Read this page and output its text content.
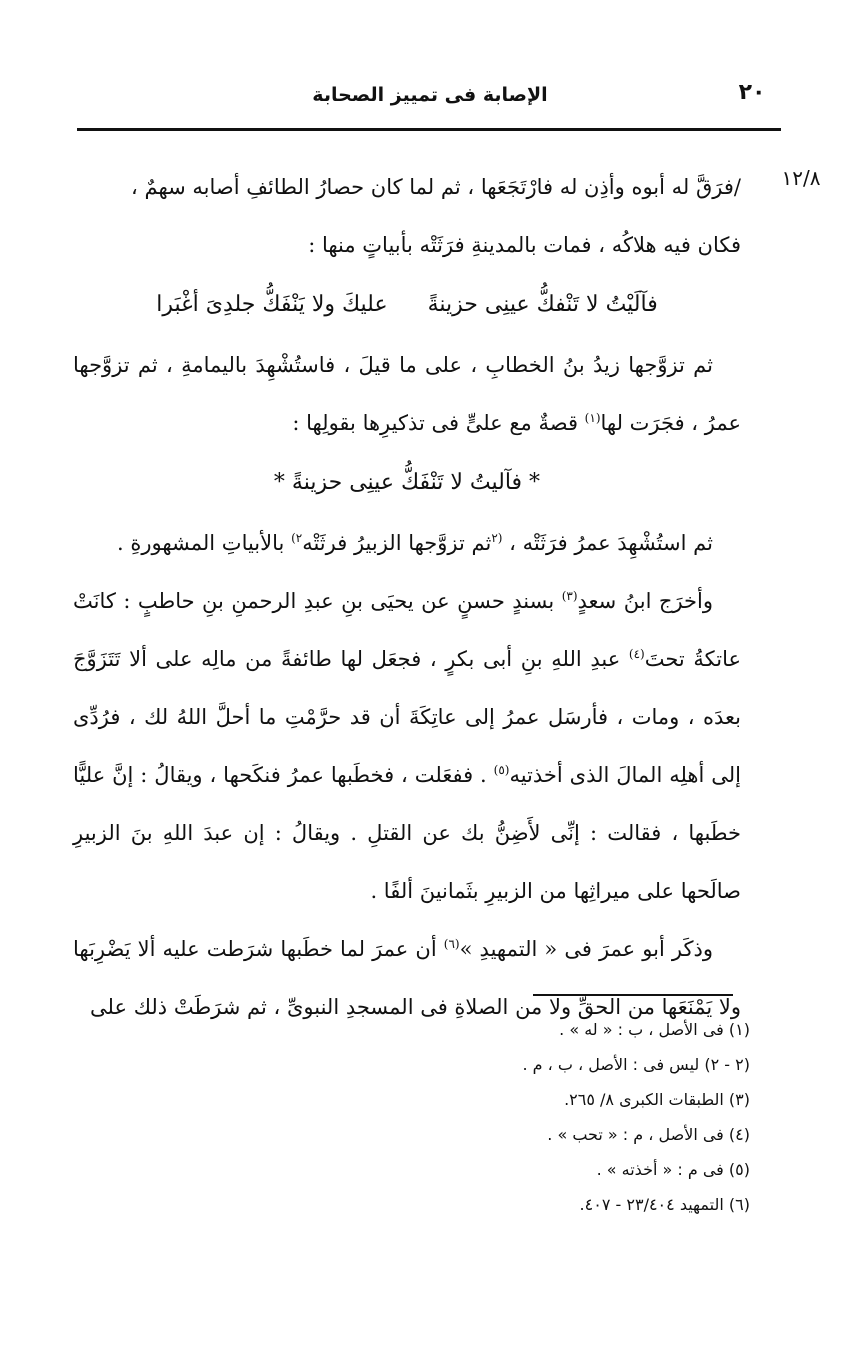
٢٠
الإصابة فى تمييز الصحابة
١٢/٨

/فرَقَّ له أبوه وأذِن له فارْتَجَعَها ، ثم لما كان حصارُ الطائفِ أصابه سهمٌ ،
فكان فيه هلاكُه ، فمات بالمدينةِ فرَثَتْه بأبياتٍ منها :

فآلَيْتُ لا تَنْفكُّ عينِى حزينةًعليكَ ولا يَنْفَكُّ جلدِىَ أغْبَرا

ثم تزوَّجها زيدُ بنُ الخطابِ ، على ما قيلَ ، فاستُشْهِدَ باليمامةِ ، ثم تزوَّجها عمرُ ، فجَرَت لها$^{(١)}$ قصةٌ مع علىٍّ فى تذكيرِها بقولِها :

* فآليتُ لا تَنْفَكُّ عينِى حزينةً *

ثم استُشْهِدَ عمرُ فرَثَتْه ، $^{(٢}$ثم تزوَّجها الزبيرُ فرثَتْه$^{٢)}$ بالأبياتِ المشهورةِ .

وأخرَج ابنُ سعدٍ$^{(٣)}$ بسندٍ حسنٍ عن يحيَى بنِ عبدِ الرحمنِ بنِ حاطبٍ : كانَتْ عاتكةُ تحتَ$^{(٤)}$ عبدِ اللهِ بنِ أبى بكرٍ ، فجعَل لها طائفةً من مالِه على ألا تَتَزَوَّجَ بعدَه ، ومات ، فأرسَل عمرُ إلى عاتِكَةَ أن قد حرَّمْتِ ما أحلَّ اللهُ لك ، فرُدِّى إلى أهلِه المالَ الذى أخذتيه$^{(٥)}$ . ففعَلت ، فخطَبها عمرُ فنكَحها ، ويقالُ : إنَّ عليًّا خطَبها ، فقالت : إنِّى لأَضِنُّ بك عن القتلِ . ويقالُ : إن عبدَ اللهِ بنَ الزبيرِ صالَحها على ميراثِها من الزبيرِ بثَمانينَ ألفًا .

وذكَر أبو عمرَ فى « التمهيدِ »$^{(٦)}$ أن عمرَ لما خطَبها شرَطت عليه ألا يَضْرِبَها ولا يَمْنَعَها من الحقِّ ولا من الصلاةِ فى المسجدِ النبوىِّ ، ثم شرَطَتْ ذلك على

(١) فى الأصل ، ب : « له » .
(٢ - ٢) ليس فى : الأصل ، ب ، م .
(٣) الطبقات الكبرى ٨/ ٢٦٥.
(٤) فى الأصل ، م : « تحب » .
(٥) فى م : « أخذته » .
(٦) التمهيد ٢٣/٤٠٤ - ٤٠٧.
